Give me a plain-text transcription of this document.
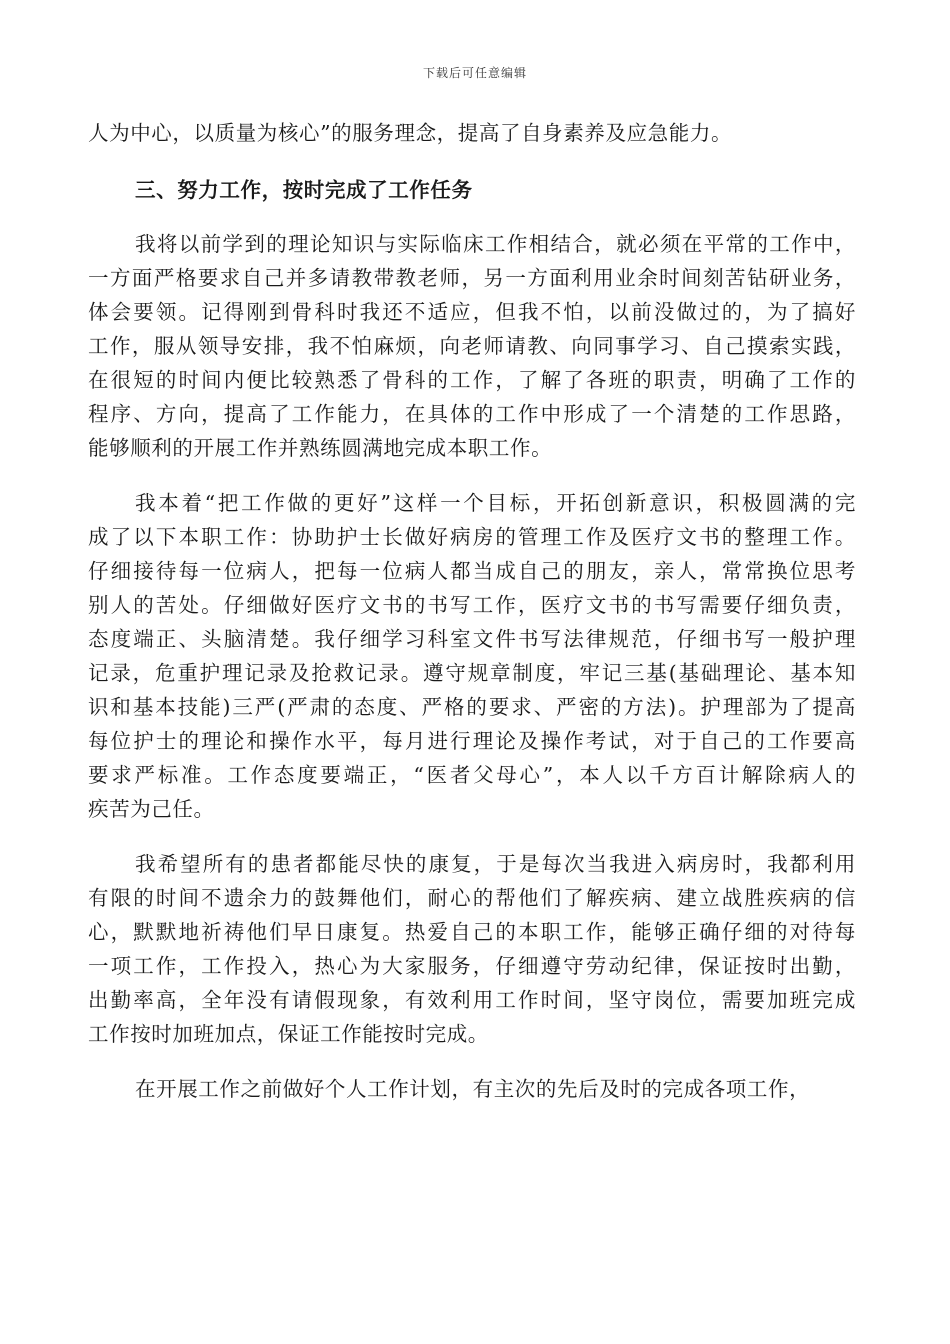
下载后可任意编辑
人为中心，以质量为核心”的服务理念，提高了自身素养及应急能力。
三、努力工作，按时完成了工作任务
我将以前学到的理论知识与实际临床工作相结合，就必须在平常的工作中，
一方面严格要求自己并多请教带教老师，另一方面利用业余时间刻苦钻研业务，
体会要领。记得刚到骨科时我还不适应，但我不怕，以前没做过的，为了搞好
工作，服从领导安排，我不怕麻烦，向老师请教、向同事学习、自己摸索实践，
在很短的时间内便比较熟悉了骨科的工作，了解了各班的职责，明确了工作的
程序、方向，提高了工作能力，在具体的工作中形成了一个清楚的工作思路，
能够顺利的开展工作并熟练圆满地完成本职工作。
我本着“把工作做的更好”这样一个目标，开拓创新意识，积极圆满的完
成了以下本职工作：协助护士长做好病房的管理工作及医疗文书的整理工作。
仔细接待每一位病人，把每一位病人都当成自己的朋友，亲人，常常换位思考
别人的苦处。仔细做好医疗文书的书写工作，医疗文书的书写需要仔细负责，
态度端正、头脑清楚。我仔细学习科室文件书写法律规范，仔细书写一般护理
记录，危重护理记录及抢救记录。遵守规章制度，牢记三基(基础理论、基本知
识和基本技能)三严(严肃的态度、严格的要求、严密的方法)。护理部为了提高
每位护士的理论和操作水平，每月进行理论及操作考试，对于自己的工作要高
要求严标准。工作态度要端正，“医者父母心”，本人以千方百计解除病人的
疾苦为己任。
我希望所有的患者都能尽快的康复，于是每次当我进入病房时，我都利用
有限的时间不遗余力的鼓舞他们，耐心的帮他们了解疾病、建立战胜疾病的信
心，默默地祈祷他们早日康复。热爱自己的本职工作，能够正确仔细的对待每
一项工作，工作投入，热心为大家服务，仔细遵守劳动纪律，保证按时出勤，
出勤率高，全年没有请假现象，有效利用工作时间，坚守岗位，需要加班完成
工作按时加班加点，保证工作能按时完成。
在开展工作之前做好个人工作计划，有主次的先后及时的完成各项工作，
